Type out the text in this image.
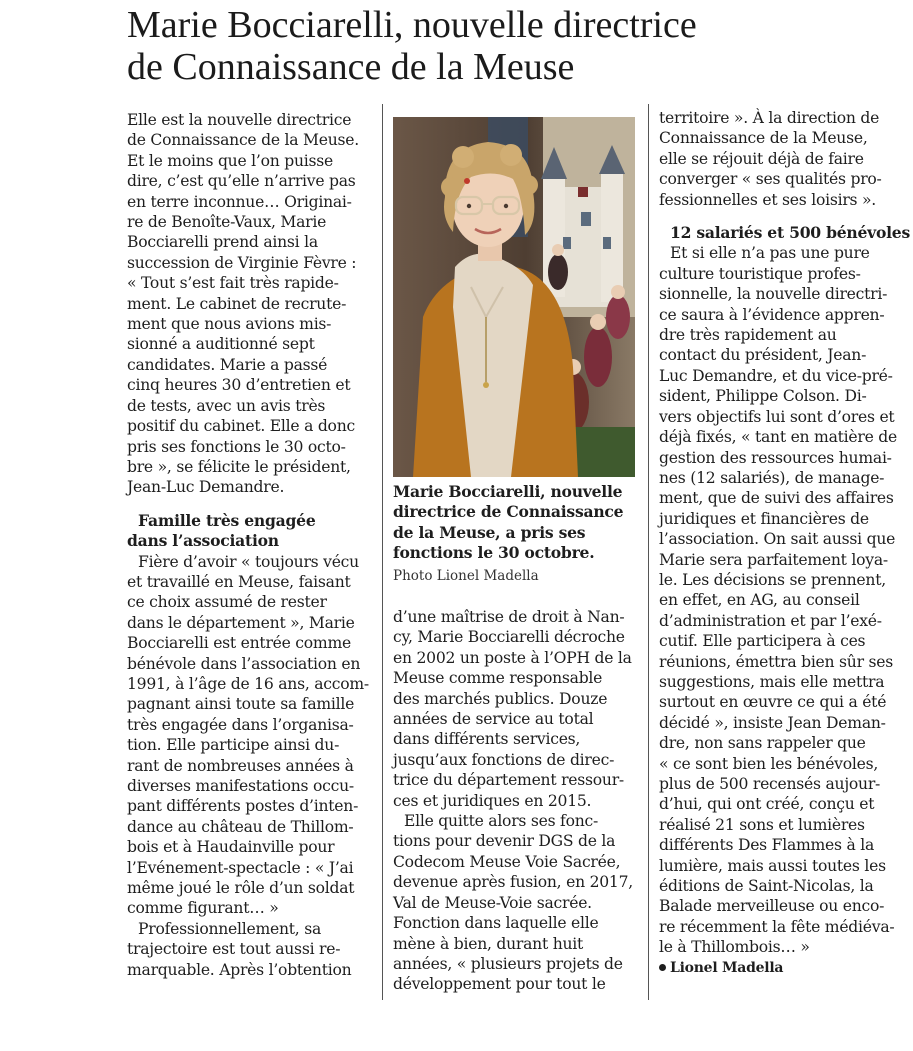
Marie Bocciarelli, nouvelle directrice
de Connaissance de la Meuse
Elle est la nouvelle directrice
de Connaissance de la Meuse.
Et le moins que l’on puisse
dire, c’est qu’elle n’arrive pas
en terre inconnue… Originai-
re de Benoîte-Vaux, Marie
Bocciarelli prend ainsi la
succession de Virginie Fèvre :
« Tout s’est fait très rapide-
ment. Le cabinet de recrute-
ment que nous avions mis-
sionné a auditionné sept
candidates. Marie a passé
cinq heures 30 d’entretien et
de tests, avec un avis très
positif du cabinet. Elle a donc
pris ses fonctions le 30 octo-
bre », se félicite le président,
Jean-Luc Demandre.
Famille très engagée
dans l’association
Fière d’avoir « toujours vécu
et travaillé en Meuse, faisant
ce choix assumé de rester
dans le département », Marie
Bocciarelli est entrée comme
bénévole dans l’association en
1991, à l’âge de 16 ans, accom-
pagnant ainsi toute sa famille
très engagée dans l’organisa-
tion. Elle participe ainsi du-
rant de nombreuses années à
diverses manifestations occu-
pant différents postes d’inten-
dance au château de Thillom-
bois et à Haudainville pour
l’Evénement-spectacle : « J’ai
même joué le rôle d’un soldat
comme figurant… »
Professionnellement, sa
trajectoire est tout aussi re-
marquable. Après l’obtention
Marie Bocciarelli, nouvelle
directrice de Connaissance
de la Meuse, a pris ses
fonctions le 30 octobre.
Photo Lionel Madella
d’une maîtrise de droit à Nan-
cy, Marie Bocciarelli décroche
en 2002 un poste à l’OPH de la
Meuse comme responsable
des marchés publics. Douze
années de service au total
dans différents services,
jusqu’aux fonctions de direc-
trice du département ressour-
ces et juridiques en 2015.
Elle quitte alors ses fonc-
tions pour devenir DGS de la
Codecom Meuse Voie Sacrée,
devenue après fusion, en 2017,
Val de Meuse-Voie sacrée.
Fonction dans laquelle elle
mène à bien, durant huit
années, « plusieurs projets de
développement pour tout le
territoire ». À la direction de
Connaissance de la Meuse,
elle se réjouit déjà de faire
converger « ses qualités pro-
fessionnelles et ses loisirs ».
12 salariés et 500 bénévoles
Et si elle n’a pas une pure
culture touristique profes-
sionnelle, la nouvelle directri-
ce saura à l’évidence appren-
dre très rapidement au
contact du président, Jean-
Luc Demandre, et du vice-pré-
sident, Philippe Colson. Di-
vers objectifs lui sont d’ores et
déjà fixés, « tant en matière de
gestion des ressources humai-
nes (12 salariés), de manage-
ment, que de suivi des affaires
juridiques et financières de
l’association. On sait aussi que
Marie sera parfaitement loya-
le. Les décisions se prennent,
en effet, en AG, au conseil
d’administration et par l’exé-
cutif. Elle participera à ces
réunions, émettra bien sûr ses
suggestions, mais elle mettra
surtout en œuvre ce qui a été
décidé », insiste Jean Deman-
dre, non sans rappeler que
« ce sont bien les bénévoles,
plus de 500 recensés aujour-
d’hui, qui ont créé, conçu et
réalisé 21 sons et lumières
différents Des Flammes à la
lumière, mais aussi toutes les
éditions de Saint-Nicolas, la
Balade merveilleuse ou enco-
re récemment la fête médiéva-
le à Thillombois… »
Lionel Madella
